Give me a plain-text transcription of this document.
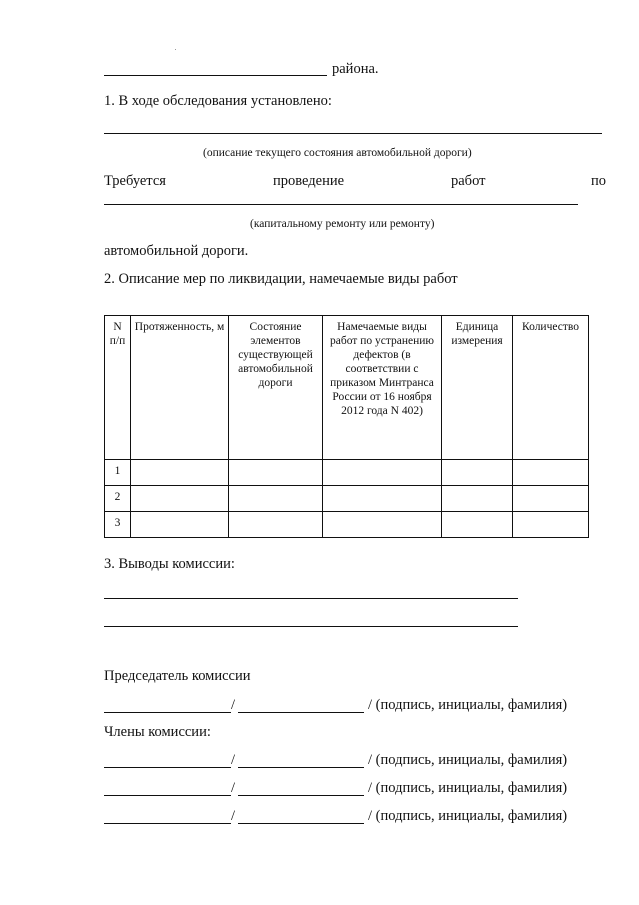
района.
1. В ходе обследования установлено:
(описание текущего состояния автомобильной дороги)
Требуется	проведение	работ	по
(капитальному ремонту или ремонту)
автомобильной дороги.
2. Описание мер по ликвидации, намечаемые виды работ
N п/п	Протяженность, м	Состояние элементов существующей автомобильной дороги	Намечаемые виды работ по устранению дефектов (в соответствии с приказом Минтранса России от 16 ноября 2012 года N 402)	Единица измерения	Количество
1					
2					
3					
3. Выводы комиссии:
Председатель комиссии
/	/ (подпись, инициалы, фамилия)
Члены комиссии:
/	/ (подпись, инициалы, фамилия)
/	/ (подпись, инициалы, фамилия)
/	/ (подпись, инициалы, фамилия)
